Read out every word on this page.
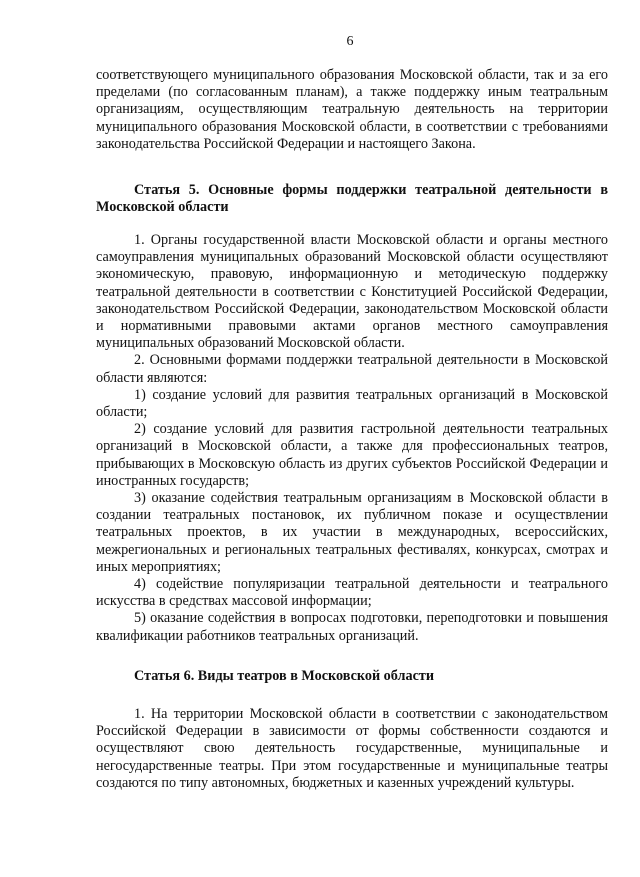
6

соответствующего муниципального образования Московской области, так и за его пределами (по согласованным планам), а также поддержку иным театральным организациям, осуществляющим театральную деятельность на территории муниципального образования Московской области, в соответствии с требованиями законодательства Российской Федерации и настоящего Закона.

Статья 5. Основные формы поддержки театральной деятельности в Московской области

1. Органы государственной власти Московской области и органы местного самоуправления муниципальных образований Московской области осуществляют экономическую, правовую, информационную и методическую поддержку театральной деятельности в соответствии с Конституцией Российской Федерации, законодательством Российской Федерации, законодательством Московской области и нормативными правовыми актами органов местного самоуправления муниципальных образований Московской области.

2. Основными формами поддержки театральной деятельности в Московской области являются:

1) создание условий для развития театральных организаций в Московской области;

2) создание условий для развития гастрольной деятельности театральных организаций в Московской области, а также для профессиональных театров, прибывающих в Московскую область из других субъектов Российской Федерации и иностранных государств;

3) оказание содействия театральным организациям в Московской области в создании театральных постановок, их публичном показе и осуществлении театральных проектов, в их участии в международных, всероссийских, межрегиональных и региональных театральных фестивалях, конкурсах, смотрах и иных мероприятиях;

4) содействие популяризации театральной деятельности и театрального искусства в средствах массовой информации;

5) оказание содействия в вопросах подготовки, переподготовки и повышения квалификации работников театральных организаций.

Статья 6. Виды театров в Московской области

1. На территории Московской области в соответствии с законодательством Российской Федерации в зависимости от формы собственности создаются и осуществляют свою деятельность государственные, муниципальные и негосударственные театры. При этом государственные и муниципальные театры создаются по типу автономных, бюджетных и казенных учреждений культуры.
